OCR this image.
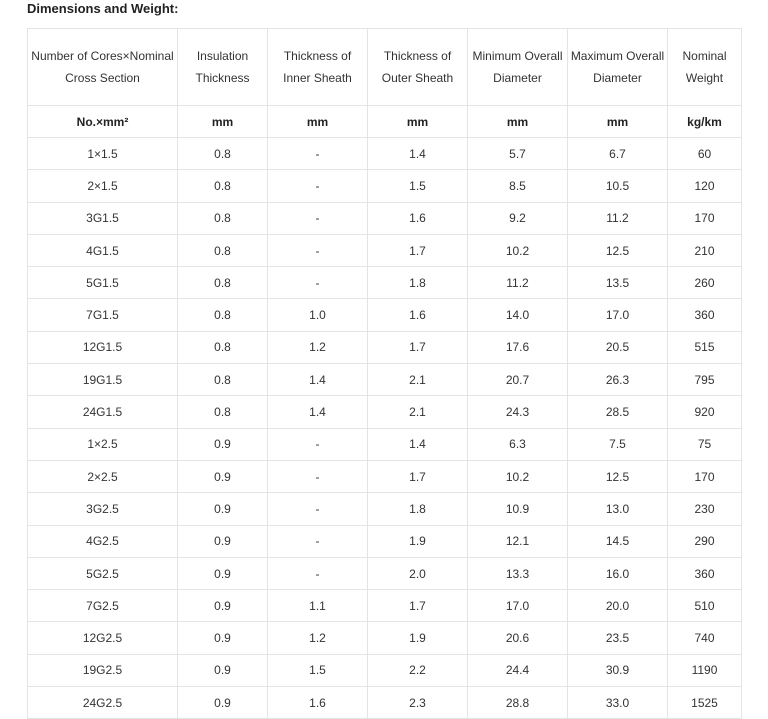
Dimensions and Weight:
Number of Cores×Nominal Cross Section	Insulation Thickness	Thickness of Inner Sheath	Thickness of Outer Sheath	Minimum Overall Diameter	Maximum Overall Diameter	Nominal Weight
No.×mm²	mm	mm	mm	mm	mm	kg/km
1×1.5	0.8	-	1.4	5.7	6.7	60
2×1.5	0.8	-	1.5	8.5	10.5	120
3G1.5	0.8	-	1.6	9.2	11.2	170
4G1.5	0.8	-	1.7	10.2	12.5	210
5G1.5	0.8	-	1.8	11.2	13.5	260
7G1.5	0.8	1.0	1.6	14.0	17.0	360
12G1.5	0.8	1.2	1.7	17.6	20.5	515
19G1.5	0.8	1.4	2.1	20.7	26.3	795
24G1.5	0.8	1.4	2.1	24.3	28.5	920
1×2.5	0.9	-	1.4	6.3	7.5	75
2×2.5	0.9	-	1.7	10.2	12.5	170
3G2.5	0.9	-	1.8	10.9	13.0	230
4G2.5	0.9	-	1.9	12.1	14.5	290
5G2.5	0.9	-	2.0	13.3	16.0	360
7G2.5	0.9	1.1	1.7	17.0	20.0	510
12G2.5	0.9	1.2	1.9	20.6	23.5	740
19G2.5	0.9	1.5	2.2	24.4	30.9	1190
24G2.5	0.9	1.6	2.3	28.8	33.0	1525
